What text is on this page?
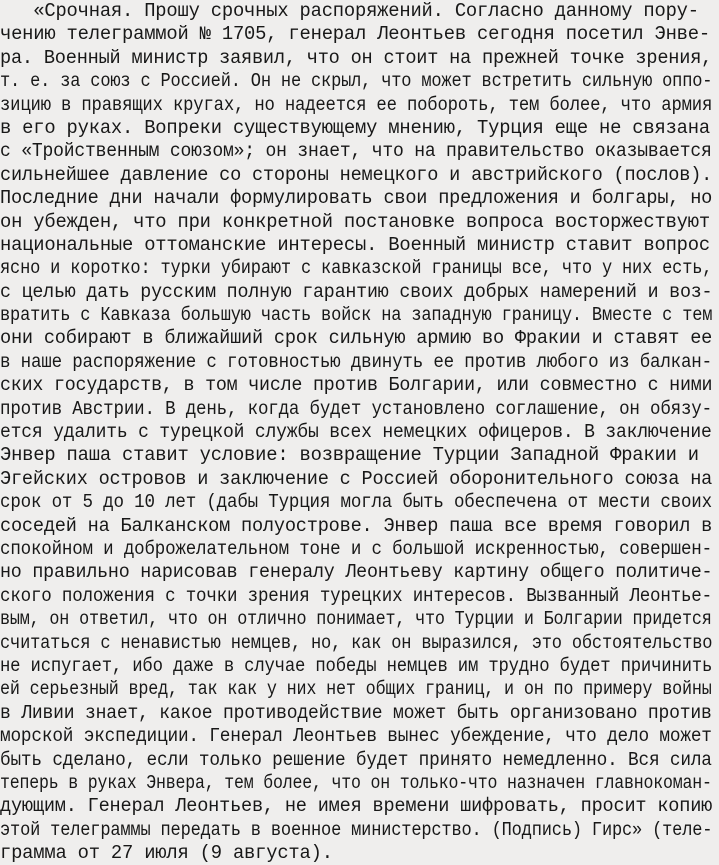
«Срочная. Прошу срочных распоряжений. Согласно данному пору-
чению телеграммой № 1705, генерал Леонтьев сегодня посетил Энве-
ра. Военный министр заявил, что он стоит на прежней точке зрения,
т. е. за союз с Россией. Он не скрыл, что может встретить сильную оппо-
зицию в правящих кругах, но надеется ее побороть, тем более, что армия
в его руках. Вопреки существующему мнению, Турция еще не связана
с «Тройственным союзом»; он знает, что на правительство оказывается
сильнейшее давление со стороны немецкого и австрийского (послов).
Последние дни начали формулировать свои предложения и болгары, но
он убежден, что при конкретной постановке вопроса восторжествуют
национальные оттоманские интересы. Военный министр ставит вопрос
ясно и коротко: турки убирают с кавказской границы все, что у них есть,
с целью дать русским полную гарантию своих добрых намерений и воз-
вратить с Кавказа большую часть войск на западную границу. Вместе с тем
они собирают в ближайший срок сильную армию во Фракии и ставят ее
в наше распоряжение с готовностью двинуть ее против любого из балкан-
ских государств, в том числе против Болгарии, или совместно с ними
против Австрии. В день, когда будет установлено соглашение, он обязу-
ется удалить с турецкой службы всех немецких офицеров. В заключение
Энвер паша ставит условие: возвращение Турции Западной Фракии и
Эгейских островов и заключение с Россией оборонительного союза на
срок от 5 до 10 лет (дабы Турция могла быть обеспечена от мести своих
соседей на Балканском полуострове. Энвер паша все время говорил в
спокойном и доброжелательном тоне и с большой искренностью, совершен-
но правильно нарисовав генералу Леонтьеву картину общего политиче-
ского положения с точки зрения турецких интересов. Вызванный Леонтье-
вым, он ответил, что он отлично понимает, что Турции и Болгарии придется
считаться с ненавистью немцев, но, как он выразился, это обстоятельство
не испугает, ибо даже в случае победы немцев им трудно будет причинить
ей серьезный вред, так как у них нет общих границ, и он по примеру войны
в Ливии знает, какое противодействие может быть организовано против
морской экспедиции. Генерал Леонтьев вынес убеждение, что дело может
быть сделано, если только решение будет принято немедленно. Вся сила
теперь в руках Энвера, тем более, что он только-что назначен главнокоман-
дующим. Генерал Леонтьев, не имея времени шифровать, просит копию
этой телеграммы передать в военное министерство. (Подпись) Гирс» (теле-
грамма от 27 июля (9 августа).
